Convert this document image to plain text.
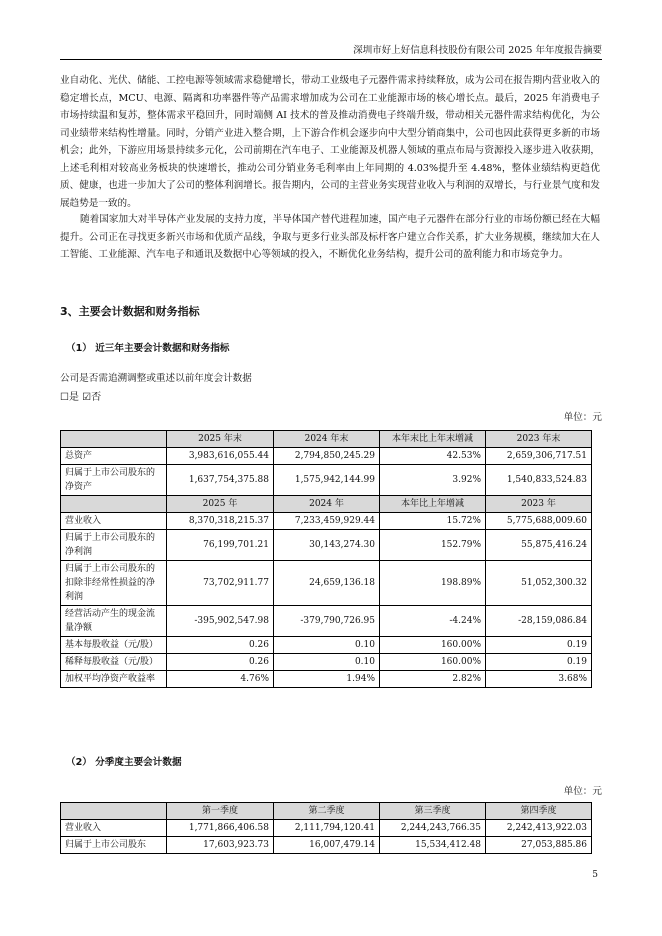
深圳市好上好信息科技股份有限公司 2025 年年度报告摘要

业自动化、光伏、储能、工控电源等领域需求稳健增长，带动工业级电子元器件需求持续释放，成为公司在报告期内营业收入的稳定增长点，MCU、电源、隔离和功率器件等产品需求增加成为公司在工业能源市场的核心增长点。最后，2025 年消费电子市场持续温和复苏，整体需求平稳回升，同时端侧 AI 技术的普及推动消费电子终端升级，带动相关元器件需求结构优化，为公司业绩带来结构性增量。同时，分销产业进入整合期，上下游合作机会逐步向中大型分销商集中，公司也因此获得更多新的市场机会；此外，下游应用场景持续多元化，公司前期在汽车电子、工业能源及机器人领域的重点布局与资源投入逐步进入收获期，上述毛利相对较高业务板块的快速增长，推动公司分销业务毛利率由上年同期的 4.03%提升至 4.48%，整体业绩结构更趋优质、健康，也进一步加大了公司的整体利润增长。报告期内，公司的主营业务实现营业收入与利润的双增长，与行业景气度和发展趋势是一致的。

随着国家加大对半导体产业发展的支持力度，半导体国产替代进程加速，国产电子元器件在部分行业的市场份额已经在大幅提升。公司正在寻找更多新兴市场和优质产品线，争取与更多行业头部及标杆客户建立合作关系，扩大业务规模，继续加大在人工智能、工业能源、汽车电子和通讯及数据中心等领域的投入，不断优化业务结构，提升公司的盈利能力和市场竞争力。

3、主要会计数据和财务指标
（1） 近三年主要会计数据和财务指标
公司是否需追溯调整或重述以前年度会计数据
☐是 ☑否
单位：元
	2025 年末	2024 年末	本年末比上年末增减	2023 年末
总资产	3,983,616,055.44	2,794,850,245.29	42.53%	2,659,306,717.51
归属于上市公司股东的净资产	1,637,754,375.88	1,575,942,144.99	3.92%	1,540,833,524.83
	2025 年	2024 年	本年比上年增减	2023 年
营业收入	8,370,318,215.37	7,233,459,929.44	15.72%	5,775,688,009.60
归属于上市公司股东的净利润	76,199,701.21	30,143,274.30	152.79%	55,875,416.24
归属于上市公司股东的扣除非经常性损益的净利润	73,702,911.77	24,659,136.18	198.89%	51,052,300.32
经营活动产生的现金流量净额	-395,902,547.98	-379,790,726.95	-4.24%	-28,159,086.84
基本每股收益（元/股）	0.26	0.10	160.00%	0.19
稀释每股收益（元/股）	0.26	0.10	160.00%	0.19
加权平均净资产收益率	4.76%	1.94%	2.82%	3.68%
（2） 分季度主要会计数据
单位：元
	第一季度	第二季度	第三季度	第四季度
营业收入	1,771,866,406.58	2,111,794,120.41	2,244,243,766.35	2,242,413,922.03
归属于上市公司股东	17,603,923.73	16,007,479.14	15,534,412.48	27,053,885.86
5
